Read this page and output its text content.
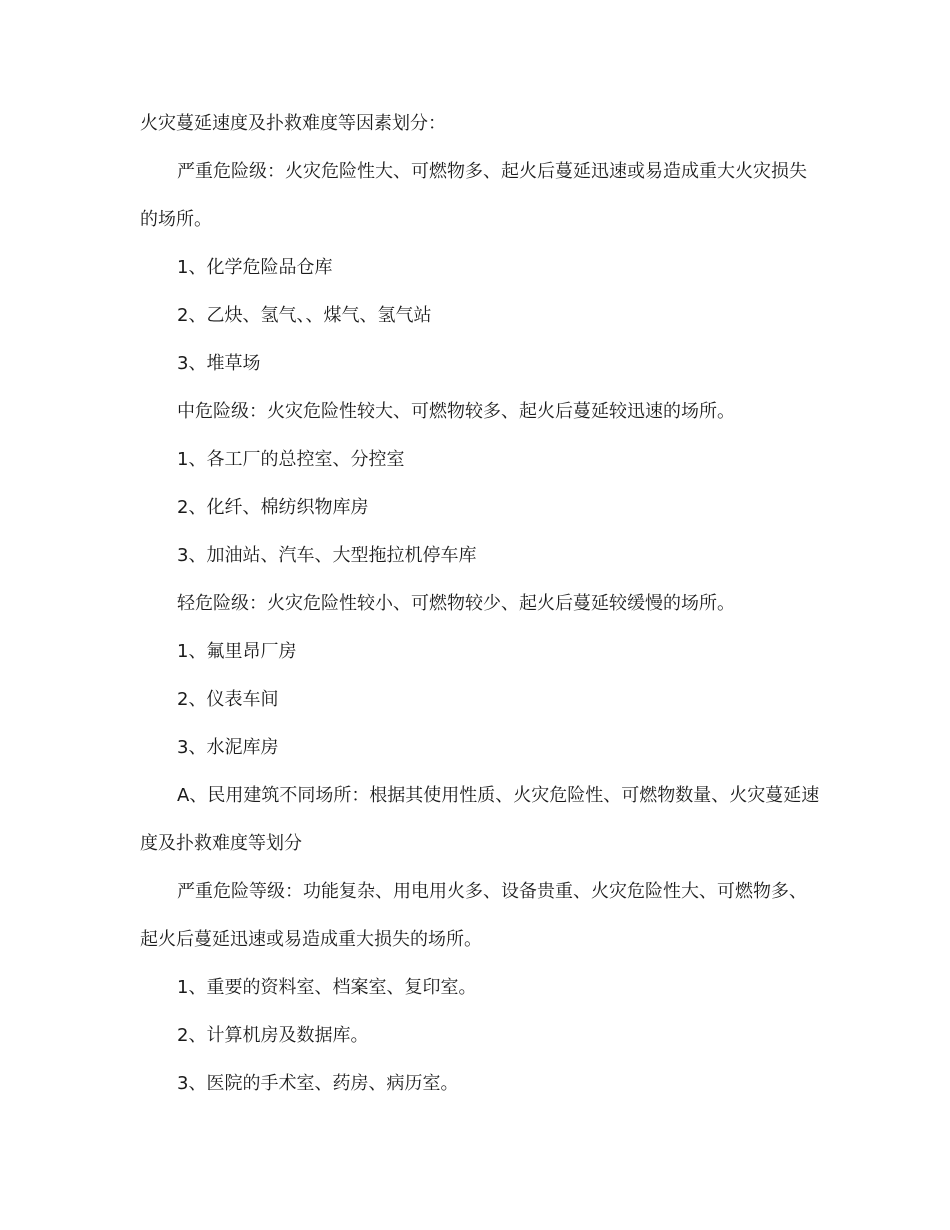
火灾蔓延速度及扑救难度等因素划分：

严重危险级：火灾危险性大、可燃物多、起火后蔓延迅速或易造成重大火灾损失的场所。

1、化学危险品仓库

2、乙炔、氢气、、煤气、氢气站

3、堆草场

中危险级：火灾危险性较大、可燃物较多、起火后蔓延较迅速的场所。

1、各工厂的总控室、分控室

2、化纤、棉纺织物库房

3、加油站、汽车、大型拖拉机停车库

轻危险级：火灾危险性较小、可燃物较少、起火后蔓延较缓慢的场所。

1、氟里昂厂房

2、仪表车间

3、水泥库房

A、民用建筑不同场所：根据其使用性质、火灾危险性、可燃物数量、火灾蔓延速度及扑救难度等划分

严重危险等级：功能复杂、用电用火多、设备贵重、火灾危险性大、可燃物多、起火后蔓延迅速或易造成重大损失的场所。

1、重要的资料室、档案室、复印室。

2、计算机房及数据库。

3、医院的手术室、药房、病历室。
